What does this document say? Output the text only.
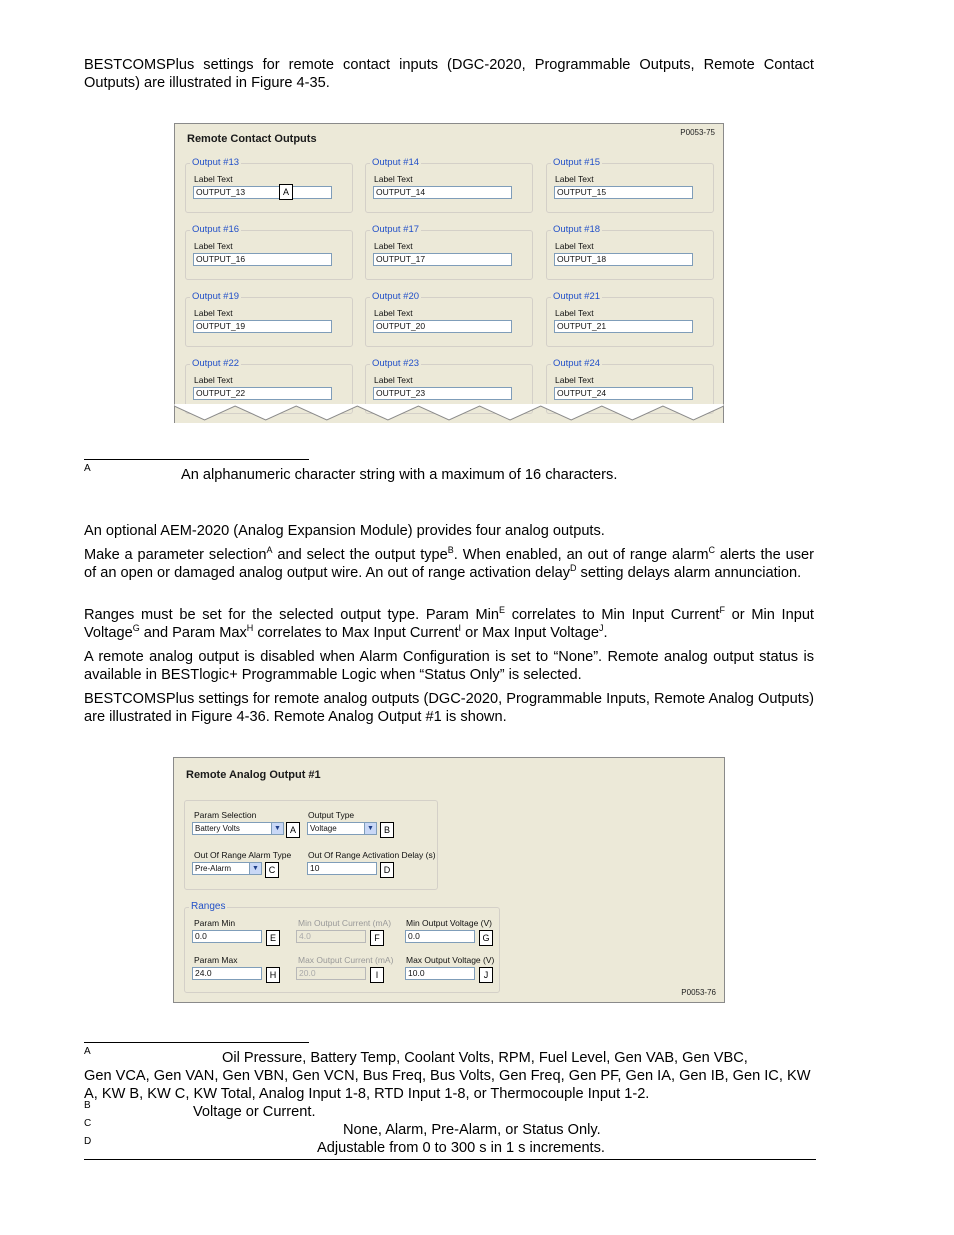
BESTCOMSPlus settings for remote contact inputs (DGC-2020, Programmable Outputs, Remote Contact Outputs) are illustrated in Figure 4-35.
Remote Contact Outputs
P0053-75
Output #13
Label Text
OUTPUT_13	A
Output #14
Label Text
OUTPUT_14
Output #15
Label Text
OUTPUT_15
Output #16
Label Text
OUTPUT_16
Output #17
Label Text
OUTPUT_17
Output #18
Label Text
OUTPUT_18
Output #19
Label Text
OUTPUT_19
Output #20
Label Text
OUTPUT_20
Output #21
Label Text
OUTPUT_21
Output #22
Label Text
OUTPUT_22
Output #23
Label Text
OUTPUT_23
Output #24
Label Text
OUTPUT_24
A	An alphanumeric character string with a maximum of 16 characters.
An optional AEM-2020 (Analog Expansion Module) provides four analog outputs.
Make a parameter selection$^A$ and select the output type$^B$. When enabled, an out of range alarm$^C$ alerts the user of an open or damaged analog output wire. An out of range activation delay$^D$ setting delays alarm annunciation.
Ranges must be set for the selected output type. Param Min$^E$ correlates to Min Input Current$^F$ or Min Input Voltage$^G$ and Param Max$^H$ correlates to Max Input Current$^I$ or Max Input Voltage$^J$.
A remote analog output is disabled when Alarm Configuration is set to “None”. Remote analog output status is available in BESTlogic+ Programmable Logic when “Status Only” is selected.
BESTCOMSPlus settings for remote analog outputs (DGC-2020, Programmable Inputs, Remote Analog Outputs) are illustrated in Figure 4-36. Remote Analog Output #1 is shown.
Remote Analog Output #1
P0053-76
Param Selection
Battery Volts	▼	A
Output Type
Voltage	▼	B
Out Of Range Alarm Type
Pre-Alarm	▼	C
Out Of Range Activation Delay (s)
10	D
Ranges
Param Min
0.0	E
Min Output Current (mA)
4.0	F
Min Output Voltage (V)
0.0	G
Param Max
24.0	H
Max Output Current (mA)
20.0	I
Max Output Voltage (V)
10.0	J
A	Oil Pressure, Battery Temp, Coolant Volts, RPM, Fuel Level, Gen VAB, Gen VBC,
Gen VCA, Gen VAN, Gen VBN, Gen VCN, Bus Freq, Bus Volts, Gen Freq, Gen PF, Gen IA, Gen IB, Gen IC, KW A, KW B, KW C, KW Total, Analog Input 1-8, RTD Input 1-8, or Thermocouple Input 1-2.
B	Voltage or Current.
C	None, Alarm, Pre-Alarm, or Status Only.
D	Adjustable from 0 to 300 s in 1 s increments.
